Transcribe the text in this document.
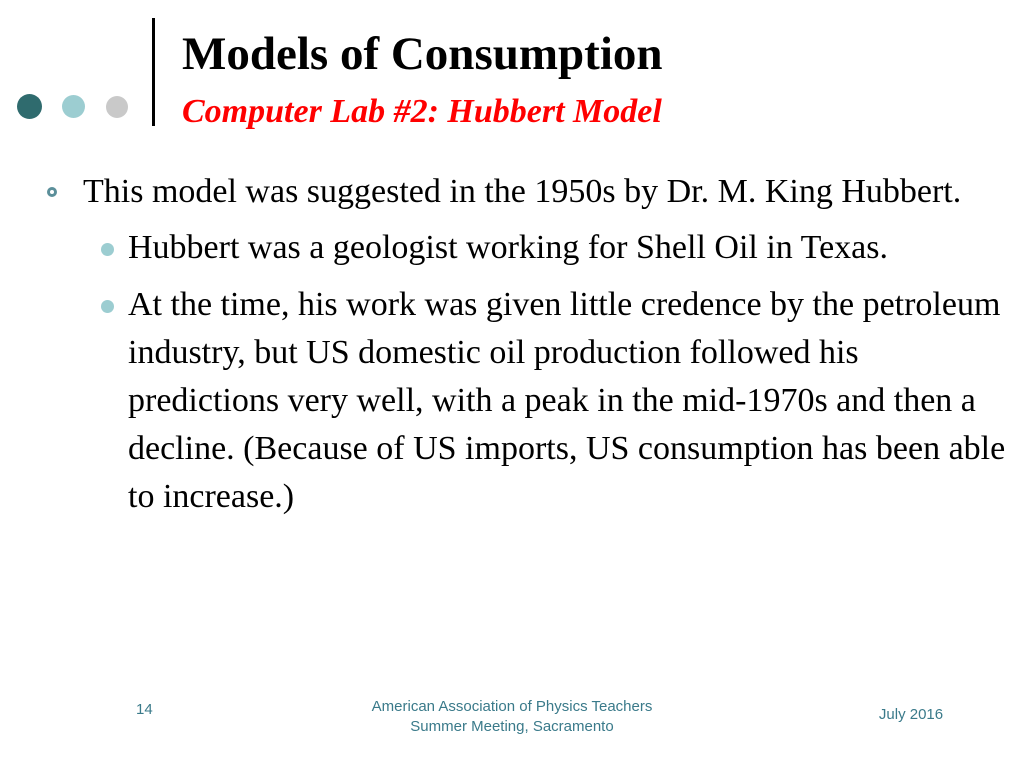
Models of Consumption
Computer Lab #2: Hubbert Model

This model was suggested in the 1950s by Dr. M. King Hubbert.

Hubbert was a geologist working for Shell Oil in Texas.

At the time, his work was given little credence by the petroleum industry, but US domestic oil production followed his predictions very well, with a peak in the mid-1970s and then a decline. (Because of US imports, US consumption has been able to increase.)

14	American Association of Physics Teachers
Summer Meeting, Sacramento
July 2016
